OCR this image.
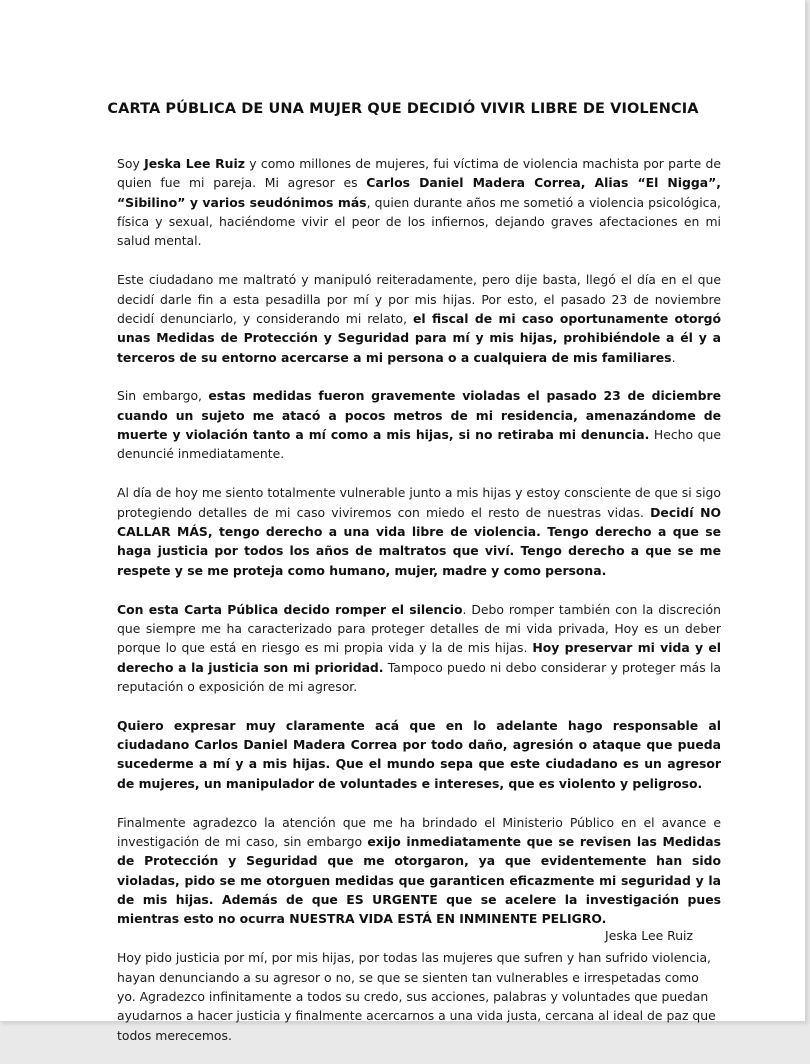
CARTA PÚBLICA DE UNA MUJER QUE DECIDIÓ VIVIR LIBRE DE VIOLENCIA

Soy Jeska Lee Ruiz y como millones de mujeres, fui víctima de violencia machista por parte de quien fue mi pareja. Mi agresor es Carlos Daniel Madera Correa, Alias “El Nigga”, “Sibilino” y varios seudónimos más, quien durante años me sometió a violencia psicológica, física y sexual, haciéndome vivir el peor de los infiernos, dejando graves afectaciones en mi salud mental.

Este ciudadano me maltrató y manipuló reiteradamente, pero dije basta, llegó el día en el que decidí darle fin a esta pesadilla por mí y por mis hijas. Por esto, el pasado 23 de noviembre decidí denunciarlo, y considerando mi relato, el fiscal de mi caso oportunamente otorgó unas Medidas de Protección y Seguridad para mí y mis hijas, prohibiéndole a él y a terceros de su entorno acercarse a mi persona o a cualquiera de mis familiares.

Sin embargo, estas medidas fueron gravemente violadas el pasado 23 de diciembre cuando un sujeto me atacó a pocos metros de mi residencia, amenazándome de muerte y violación tanto a mí como a mis hijas, si no retiraba mi denuncia. Hecho que denuncié inmediatamente.

Al día de hoy me siento totalmente vulnerable junto a mis hijas y estoy consciente de que si sigo protegiendo detalles de mi caso viviremos con miedo el resto de nuestras vidas. Decidí NO CALLAR MÁS, tengo derecho a una vida libre de violencia. Tengo derecho a que se haga justicia por todos los años de maltratos que viví. Tengo derecho a que se me respete y se me proteja como humano, mujer, madre y como persona.

Con esta Carta Pública decido romper el silencio. Debo romper también con la discreción que siempre me ha caracterizado para proteger detalles de mi vida privada, Hoy es un deber porque lo que está en riesgo es mi propia vida y la de mis hijas. Hoy preservar mi vida y el derecho a la justicia son mi prioridad. Tampoco puedo ni debo considerar y proteger más la reputación o exposición de mi agresor.

Quiero expresar muy claramente acá que en lo adelante hago responsable al ciudadano Carlos Daniel Madera Correa por todo daño, agresión o ataque que pueda sucederme a mí y a mis hijas. Que el mundo sepa que este ciudadano es un agresor de mujeres, un manipulador de voluntades e intereses, que es violento y peligroso.

Finalmente agradezco la atención que me ha brindado el Ministerio Público en el avance e investigación de mi caso, sin embargo exijo inmediatamente que se revisen las Medidas de Protección y Seguridad que me otorgaron, ya que evidentemente han sido violadas, pido se me otorguen medidas que garanticen eficazmente mi seguridad y la de mis hijas. Además de que ES URGENTE que se acelere la investigación pues mientras esto no ocurra NUESTRA VIDA ESTÁ EN INMINENTE PELIGRO.

Hoy pido justicia por mí, por mis hijas, por todas las mujeres que sufren y han sufrido violencia, hayan denunciando a su agresor o no, se que se sienten tan vulnerables e irrespetadas como yo. Agradezco infinitamente a todos su credo, sus acciones, palabras y voluntades que puedan ayudarnos a hacer justicia y finalmente acercarnos a una vida justa, cercana al ideal de paz que todos merecemos.

Jeska Lee Ruiz
